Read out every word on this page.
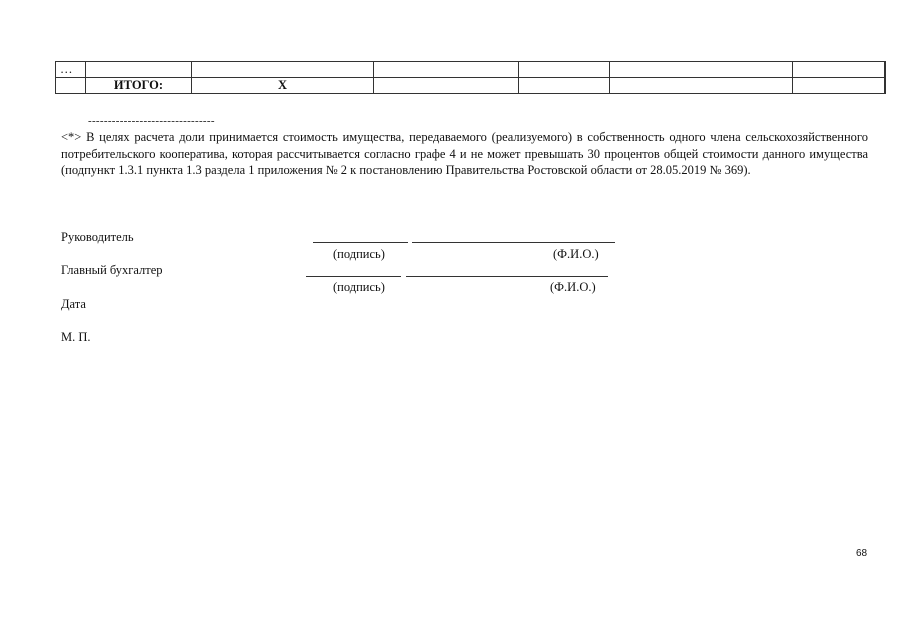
…							
	ИТОГО:	X					
--------------------------------
<*> В целях расчета доли принимается стоимость имущества, передаваемого (реализуемого) в собственность одного члена сельскохозяйственного потребительского кооператива, которая рассчитывается согласно графе 4 и не может превышать 30 процентов общей стоимости данного имущества (подпункт 1.3.1 пункта 1.3 раздела 1 приложения № 2 к постановлению Правительства Ростовской области от 28.05.2019 № 369).
Руководитель
(подпись)	(Ф.И.О.)
Главный бухгалтер
(подпись)	(Ф.И.О.)
Дата
М. П.
68
